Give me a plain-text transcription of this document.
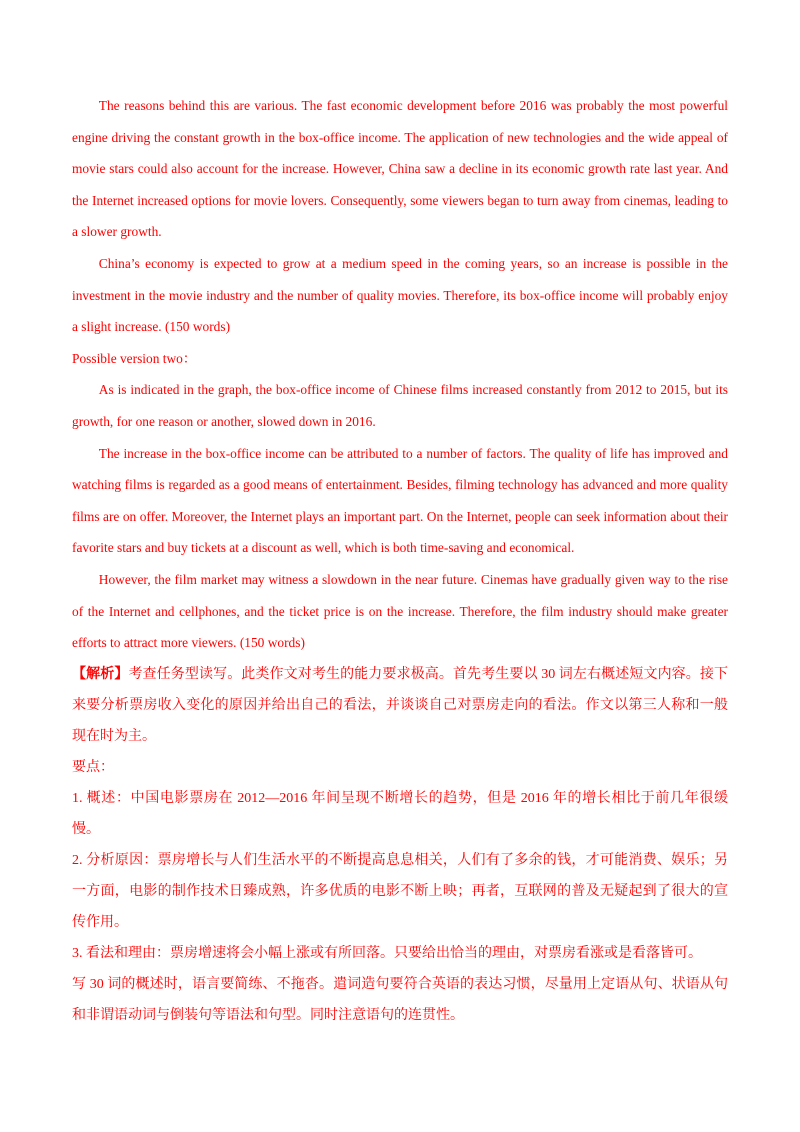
The reasons behind this are various. The fast economic development before 2016 was probably the most powerful engine driving the constant growth in the box-office income. The application of new technologies and the wide appeal of movie stars could also account for the increase. However, China saw a decline in its economic growth rate last year. And the Internet increased options for movie lovers. Consequently, some viewers began to turn away from cinemas, leading to a slower growth.

China’s economy is expected to grow at a medium speed in the coming years, so an increase is possible in the investment in the movie industry and the number of quality movies. Therefore, its box-office income will probably enjoy a slight increase. (150 words)

Possible version two：

As is indicated in the graph, the box-office income of Chinese films increased constantly from 2012 to 2015, but its growth, for one reason or another, slowed down in 2016.

The increase in the box-office income can be attributed to a number of factors. The quality of life has improved and watching films is regarded as a good means of entertainment. Besides, filming technology has advanced and more quality films are on offer. Moreover, the Internet plays an important part. On the Internet, people can seek information about their favorite stars and buy tickets at a discount as well, which is both time-saving and economical.

However, the film market may witness a slowdown in the near future. Cinemas have gradually given way to the rise of the Internet and cellphones, and the ticket price is on the increase. Therefore, the film industry should make greater efforts to attract more viewers. (150 words)

【解析】考查任务型读写。此类作文对考生的能力要求极高。首先考生要以 30 词左右概述短文内容。接下来要分析票房收入变化的原因并给出自己的看法，并谈谈自己对票房走向的看法。作文以第三人称和一般现在时为主。

要点：

1. 概述：中国电影票房在 2012—2016 年间呈现不断增长的趋势，但是 2016 年的增长相比于前几年很缓慢。

2. 分析原因：票房增长与人们生活水平的不断提高息息相关，人们有了多余的钱，才可能消费、娱乐；另一方面，电影的制作技术日臻成熟，许多优质的电影不断上映；再者，互联网的普及无疑起到了很大的宣传作用。

3. 看法和理由：票房增速将会小幅上涨或有所回落。只要给出恰当的理由，对票房看涨或是看落皆可。

写 30 词的概述时，语言要简练、不拖沓。遣词造句要符合英语的表达习惯，尽量用上定语从句、状语从句和非谓语动词与倒装句等语法和句型。同时注意语句的连贯性。
